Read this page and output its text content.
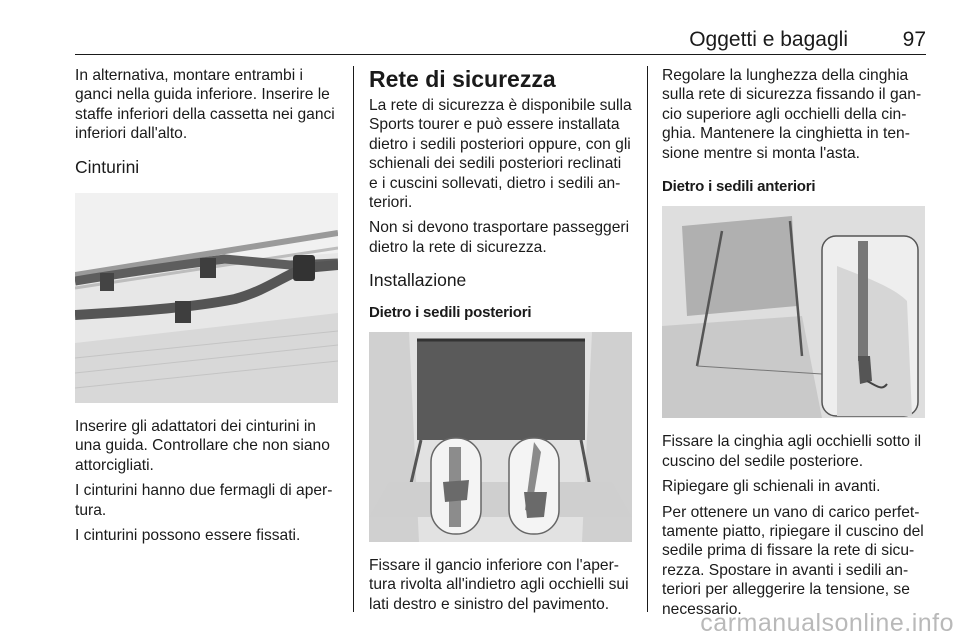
Oggetti e bagagli	97

In alternativa, montare entrambi i ganci nella guida inferiore. Inserire le staffe inferiori della cassetta nei ganci inferiori dall'alto.

Cinturini

Inserire gli adattatori dei cinturini in una guida. Controllare che non siano attorcigliati.

I cinturini hanno due fermagli di aper-tura.

I cinturini possono essere fissati.

Rete di sicurezza

La rete di sicurezza è disponibile sulla Sports tourer e può essere installata dietro i sedili posteriori oppure, con gli schienali dei sedili posteriori reclinati e i cuscini sollevati, dietro i sedili an-teriori.

Non si devono trasportare passeggeri dietro la rete di sicurezza.

Installazione
Dietro i sedili posteriori

Fissare il gancio inferiore con l'aper-tura rivolta all'indietro agli occhielli sui lati destro e sinistro del pavimento.

Regolare la lunghezza della cinghia sulla rete di sicurezza fissando il gan-cio superiore agli occhielli della cin-ghia. Mantenere la cinghietta in ten-sione mentre si monta l'asta.

Dietro i sedili anteriori

Fissare la cinghia agli occhielli sotto il cuscino del sedile posteriore.

Ripiegare gli schienali in avanti.

Per ottenere un vano di carico perfet-tamente piatto, ripiegare il cuscino del sedile prima di fissare la rete di sicu-rezza. Spostare in avanti i sedili an-teriori per alleggerire la tensione, se necessario.

carmanualsonline.info
